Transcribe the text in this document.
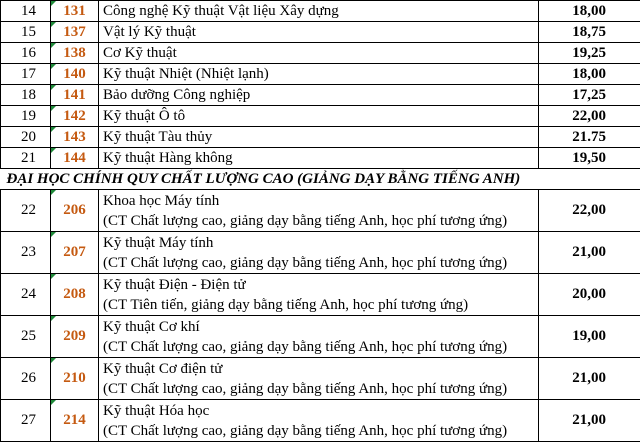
14	131	Công nghệ Kỹ thuật Vật liệu Xây dựng	18,00
15	137	Vật lý Kỹ thuật	18,75
16	138	Cơ Kỹ thuật	19,25
17	140	Kỹ thuật Nhiệt (Nhiệt lạnh)	18,00
18	141	Bảo dưỡng Công nghiệp	17,25
19	142	Kỹ thuật Ô tô	22,00
20	143	Kỹ thuật Tàu thủy	21.75
21	144	Kỹ thuật Hàng không	19,50
ĐẠI HỌC CHÍNH QUY CHẤT LƯỢNG CAO (GIẢNG DẠY BẰNG TIẾNG ANH)			
22	206	Khoa học Máy tính
(CT Chất lượng cao, giảng dạy bằng tiếng Anh, học phí tương ứng)	22,00
23	207	Kỹ thuật Máy tính
(CT Chất lượng cao, giảng dạy bằng tiếng Anh, học phí tương ứng)	21,00
24	208	Kỹ thuật Điện - Điện tử
(CT Tiên tiến, giảng dạy bằng tiếng Anh, học phí tương ứng)	20,00
25	209	Kỹ thuật Cơ khí
(CT Chất lượng cao, giảng dạy bằng tiếng Anh, học phí tương ứng)	19,00
26	210	Kỹ thuật Cơ điện tử
(CT Chất lượng cao, giảng dạy bằng tiếng Anh, học phí tương ứng)	21,00
27	214	Kỹ thuật Hóa học
(CT Chất lượng cao, giảng dạy bằng tiếng Anh, học phí tương ứng)	21,00
